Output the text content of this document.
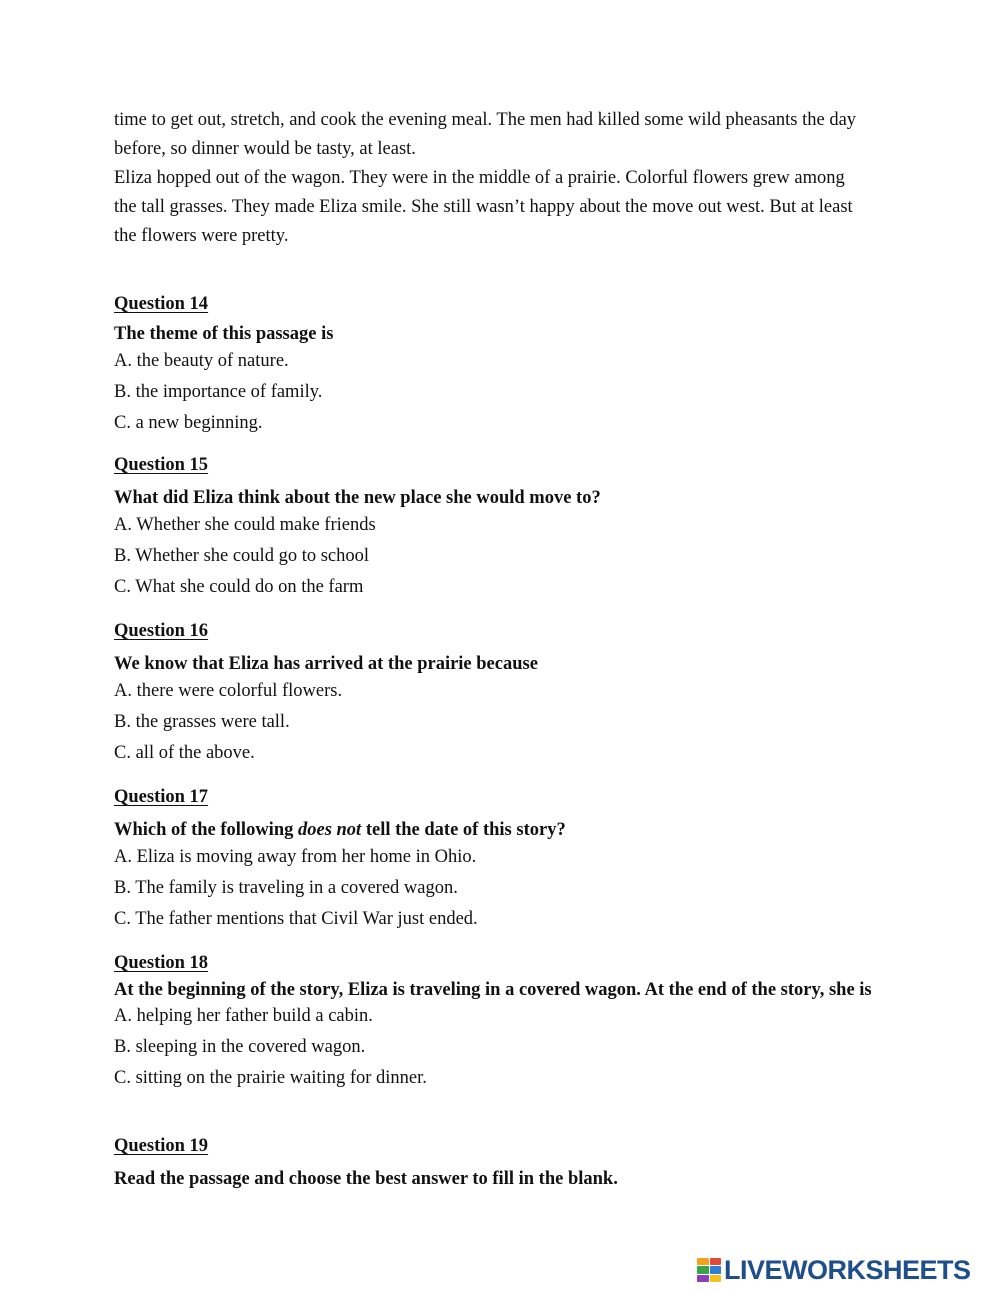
time to get out, stretch, and cook the evening meal. The men had killed some wild pheasants the day

before, so dinner would be tasty, at least.

Eliza hopped out of the wagon. They were in the middle of a prairie. Colorful flowers grew among

the tall grasses. They made Eliza smile. She still wasn’t happy about the move out west. But at least

the flowers were pretty.

Question 14

The theme of this passage is

A. the beauty of nature.
B. the importance of family.
C. a new beginning.

Question 15

What did Eliza think about the new place she would move to?

A. Whether she could make friends
B. Whether she could go to school
C. What she could do on the farm

Question 16

We know that Eliza has arrived at the prairie because

A. there were colorful flowers.
B. the grasses were tall.
C. all of the above.

Question 17

Which of the following does not tell the date of this story?

A. Eliza is moving away from her home in Ohio.
B. The family is traveling in a covered wagon.
C. The father mentions that Civil War just ended.

Question 18

At the beginning of the story, Eliza is traveling in a covered wagon. At the end of the story, she is

A. helping her father build a cabin.
B. sleeping in the covered wagon.
C. sitting on the prairie waiting for dinner.

Question 19

Read the passage and choose the best answer to fill in the blank.

LIVEWORKSHEETS
